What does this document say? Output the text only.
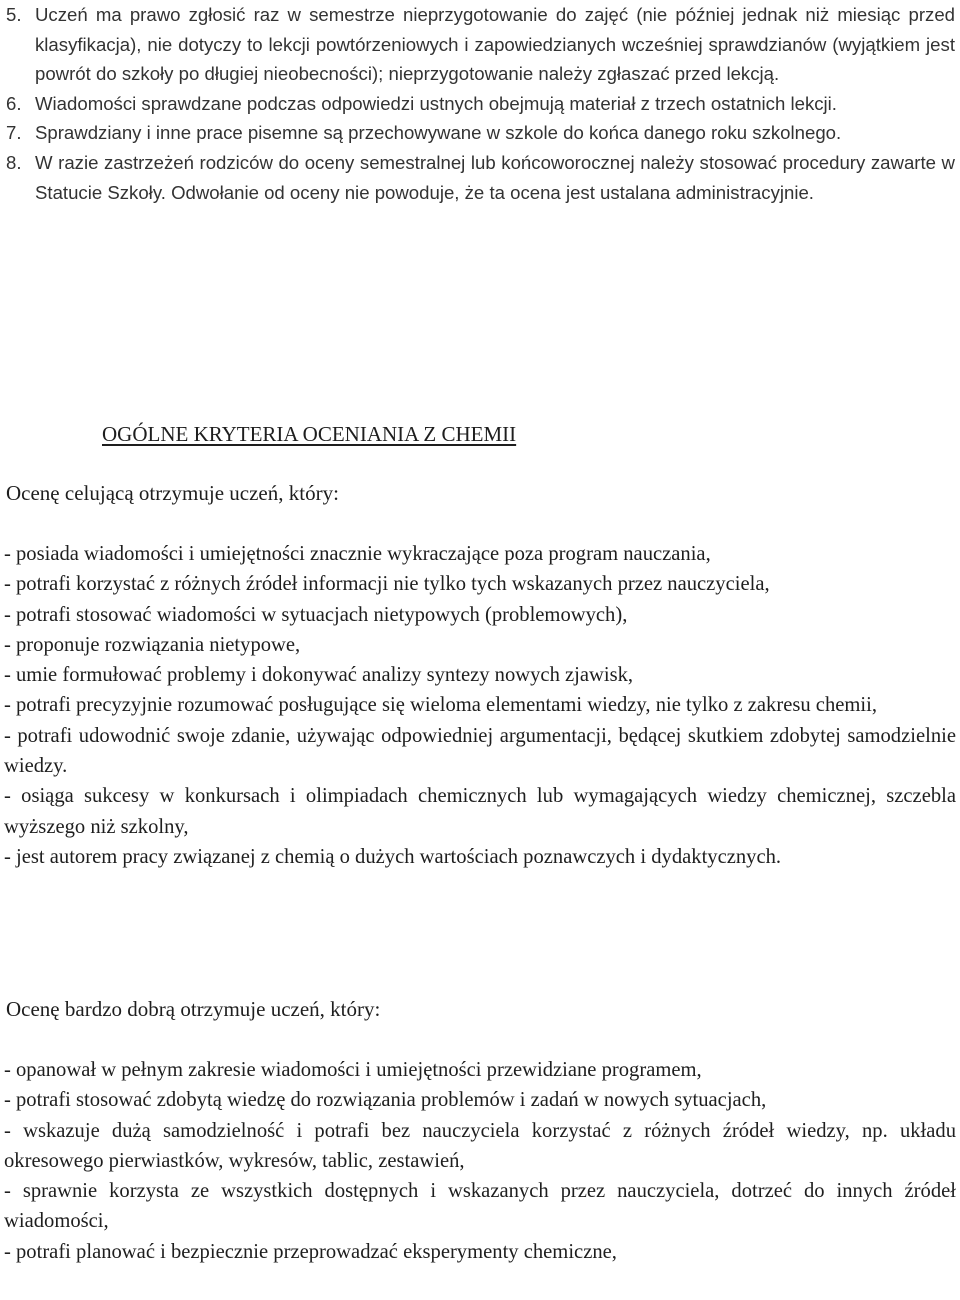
5. Uczeń ma prawo zgłosić raz w semestrze nieprzygotowanie do zajęć (nie później jednak niż miesiąc przed klasyfikacja), nie dotyczy to lekcji powtórzeniowych i zapowiedzianych wcześniej sprawdzianów (wyjątkiem jest powrót do szkoły po długiej nieobecności); nieprzygotowanie należy zgłaszać przed lekcją.

6. Wiadomości sprawdzane podczas odpowiedzi ustnych obejmują materiał z trzech ostatnich lekcji.

7. Sprawdziany i inne prace pisemne są przechowywane w szkole do końca danego roku szkolnego.

8. W razie zastrzeżeń rodziców do oceny semestralnej lub końcoworocznej należy stosować procedury zawarte w Statucie Szkoły. Odwołanie od oceny nie powoduje, że ta ocena jest ustalana administracyjnie.

OGÓLNE KRYTERIA OCENIANIA Z CHEMII
Ocenę celującą otrzymuje uczeń, który:
- posiada wiadomości i umiejętności znacznie wykraczające poza program nauczania,
- potrafi korzystać z różnych źródeł informacji nie tylko tych wskazanych przez nauczyciela,
- potrafi stosować wiadomości w sytuacjach nietypowych (problemowych),
- proponuje rozwiązania nietypowe,
- umie formułować problemy i dokonywać analizy syntezy nowych zjawisk,
- potrafi precyzyjnie rozumować posługujące się wieloma elementami wiedzy, nie tylko z zakresu chemii,
- potrafi udowodnić swoje zdanie, używając odpowiedniej argumentacji, będącej skutkiem zdobytej samodzielnie wiedzy.
- osiąga sukcesy w konkursach i olimpiadach chemicznych lub wymagających wiedzy chemicznej, szczebla wyższego niż szkolny,
- jest autorem pracy związanej z chemią o dużych wartościach poznawczych i dydaktycznych.
Ocenę bardzo dobrą otrzymuje uczeń, który:
- opanował w pełnym zakresie wiadomości i umiejętności przewidziane programem,
- potrafi stosować zdobytą wiedzę do rozwiązania problemów i zadań w nowych sytuacjach,
- wskazuje dużą samodzielność i potrafi bez nauczyciela korzystać z różnych źródeł wiedzy, np. układu okresowego pierwiastków, wykresów, tablic, zestawień,
- sprawnie korzysta ze wszystkich dostępnych i wskazanych przez nauczyciela, dotrzeć do innych źródeł wiadomości,
- potrafi planować i bezpiecznie przeprowadzać eksperymenty chemiczne,
